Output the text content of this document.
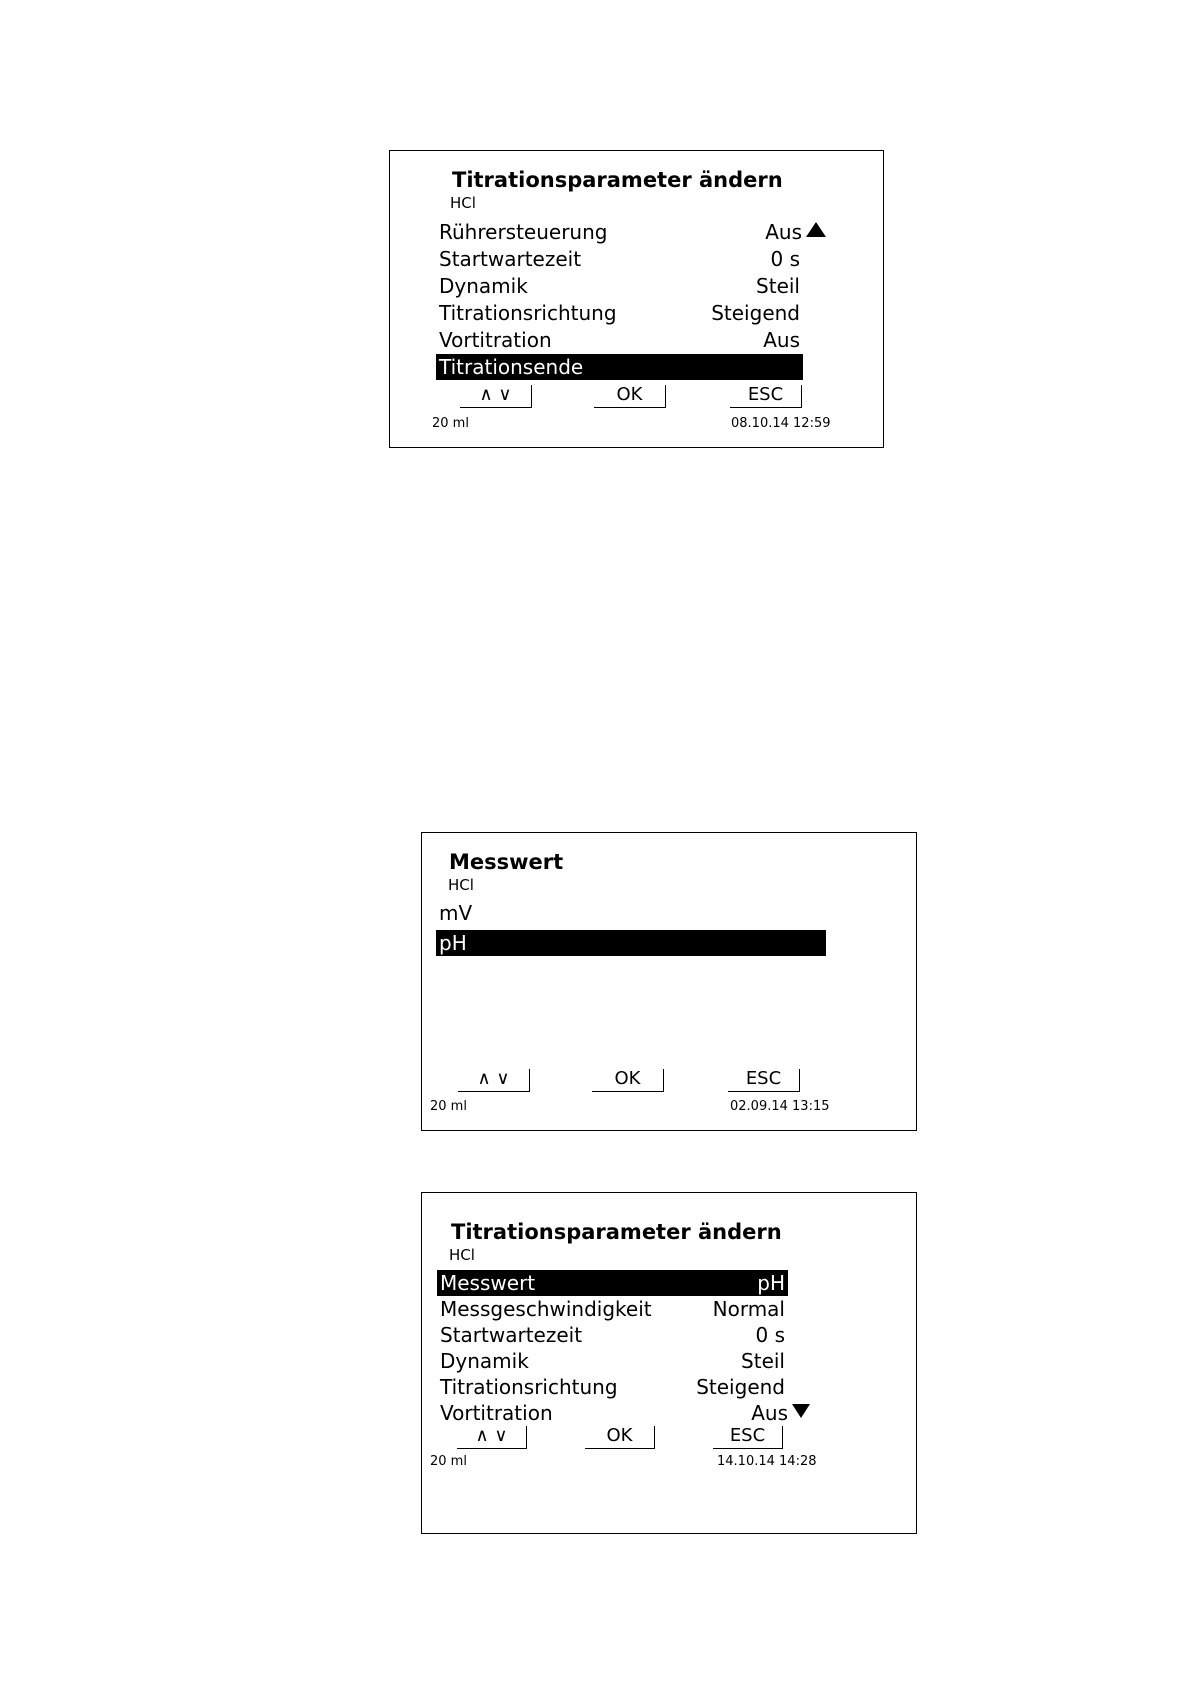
Titrationsparameter ändern
HCl
Rührersteuerung	Aus
Startwartezeit	0 s
Dynamik	Steil
Titrationsrichtung	Steigend
Vortitration	Aus
Titrationsende
∧ ∨	OK	ESC
20 ml	08.10.14 12:59
Messwert
HCl
mV
pH
∧ ∨	OK	ESC
20 ml	02.09.14 13:15
Titrationsparameter ändern
HCl
Messwert	pH
Messgeschwindigkeit	Normal
Startwartezeit	0 s
Dynamik	Steil
Titrationsrichtung	Steigend
Vortitration	Aus
∧ ∨	OK	ESC
20 ml	14.10.14 14:28
